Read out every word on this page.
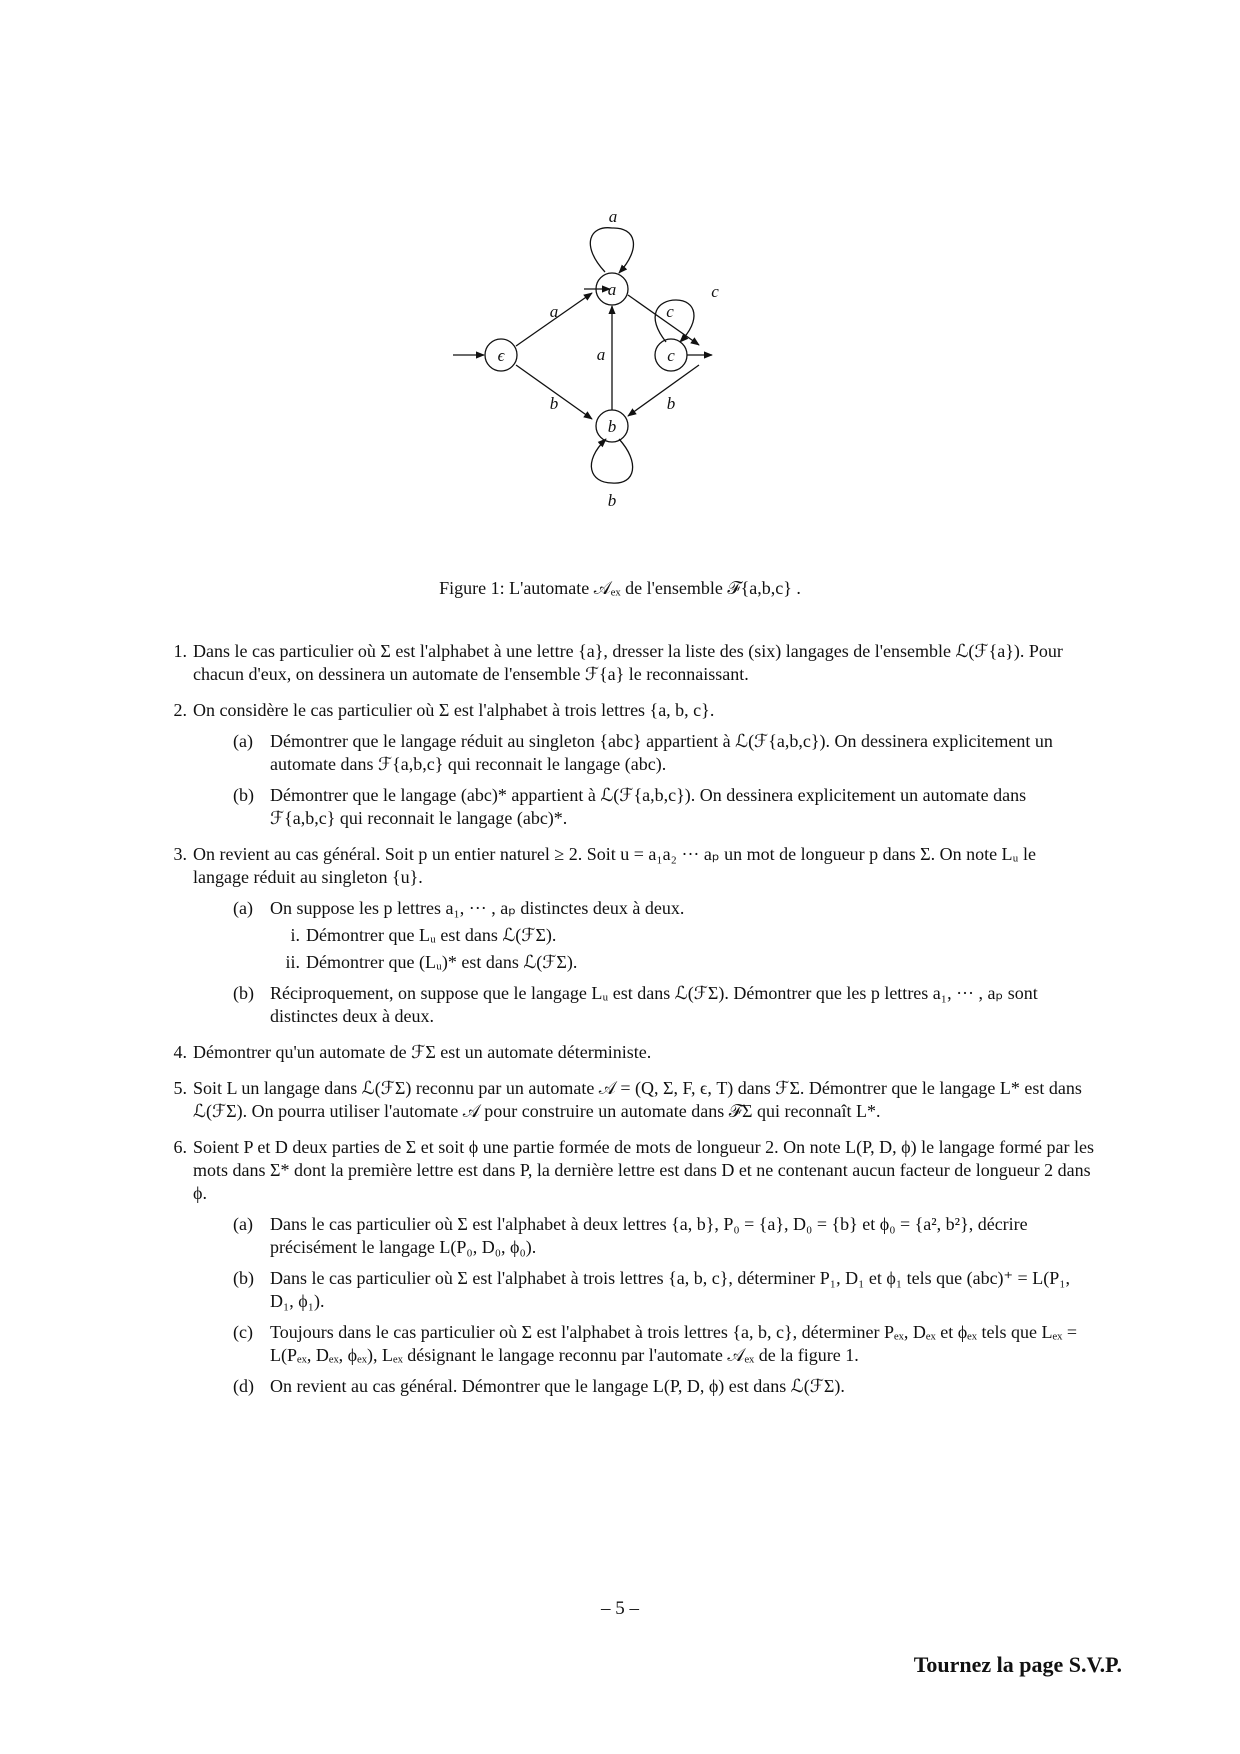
ϵ
a
c
b
a
a
a
c
c
b	b
b
Figure 1: L'automate 𝒜ₑₓ de l'ensemble ℱ{a,b,c} .
1. Dans le cas particulier où Σ est l'alphabet à une lettre {a}, dresser la liste des (six) langages de l'ensemble ℒ(ℱ{a}). Pour chacun d'eux, on dessinera un automate de l'ensemble ℱ{a} le reconnaissant.
2. On considère le cas particulier où Σ est l'alphabet à trois lettres {a, b, c}.
(a) Démontrer que le langage réduit au singleton {abc} appartient à ℒ(ℱ{a,b,c}). On dessinera explicitement un automate dans ℱ{a,b,c} qui reconnait le langage (abc).
(b) Démontrer que le langage (abc)* appartient à ℒ(ℱ{a,b,c}). On dessinera explicitement un automate dans ℱ{a,b,c} qui reconnait le langage (abc)*.
3. On revient au cas général. Soit p un entier naturel ≥ 2. Soit u = a₁a₂ ··· aₚ un mot de longueur p dans Σ. On note Lᵤ le langage réduit au singleton {u}.
(a) On suppose les p lettres a₁, ··· , aₚ distinctes deux à deux.
i. Démontrer que Lᵤ est dans ℒ(ℱΣ).
ii. Démontrer que (Lᵤ)* est dans ℒ(ℱΣ).
(b) Réciproquement, on suppose que le langage Lᵤ est dans ℒ(ℱΣ). Démontrer que les p lettres a₁, ··· , aₚ sont distinctes deux à deux.
4. Démontrer qu'un automate de ℱΣ est un automate déterministe.
5. Soit L un langage dans ℒ(ℱΣ) reconnu par un automate 𝒜 = (Q, Σ, F, ϵ, T) dans ℱΣ. Démontrer que le langage L* est dans ℒ(ℱΣ). On pourra utiliser l'automate 𝒜 pour construire un automate dans ℱΣ qui reconnaît L*.
6. Soient P et D deux parties de Σ et soit ϕ une partie formée de mots de longueur 2. On note L(P, D, ϕ) le langage formé par les mots dans Σ* dont la première lettre est dans P, la dernière lettre est dans D et ne contenant aucun facteur de longueur 2 dans ϕ.
(a) Dans le cas particulier où Σ est l'alphabet à deux lettres {a, b}, P₀ = {a}, D₀ = {b} et ϕ₀ = {a², b²}, décrire précisément le langage L(P₀, D₀, ϕ₀).
(b) Dans le cas particulier où Σ est l'alphabet à trois lettres {a, b, c}, déterminer P₁, D₁ et ϕ₁ tels que (abc)⁺ = L(P₁, D₁, ϕ₁).
(c) Toujours dans le cas particulier où Σ est l'alphabet à trois lettres {a, b, c}, déterminer Pₑₓ, Dₑₓ et ϕₑₓ tels que Lₑₓ = L(Pₑₓ, Dₑₓ, ϕₑₓ), Lₑₓ désignant le langage reconnu par l'automate 𝒜ₑₓ de la figure 1.
(d) On revient au cas général. Démontrer que le langage L(P, D, ϕ) est dans ℒ(ℱΣ).
– 5 –
Tournez la page S.V.P.
